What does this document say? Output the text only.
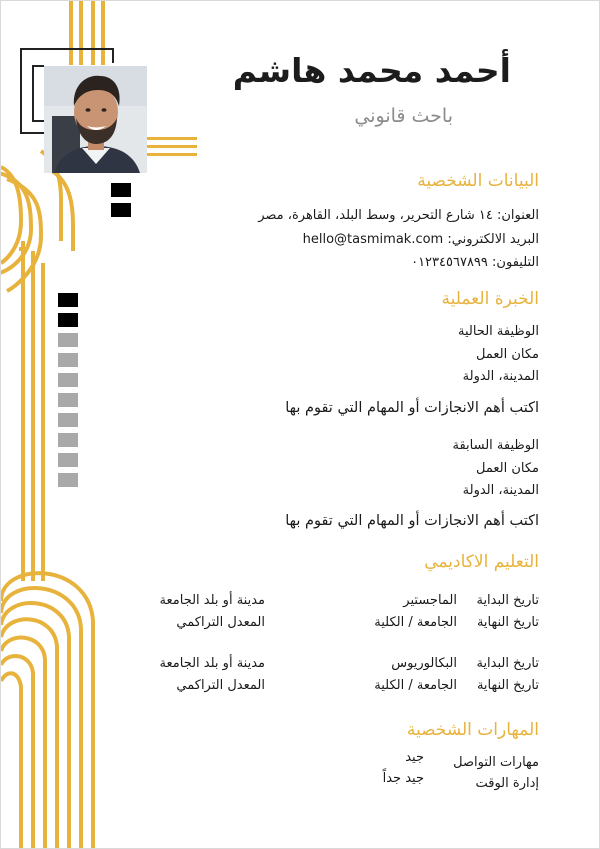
أحمد محمد هاشم
باحث قانوني
البيانات الشخصية
العنوان: ١٤ شارع التحرير، وسط البلد، القاهرة، مصر
البريد الالكتروني: hello@tasmimak.com
التليفون: ٠١٢٣٤٥٦٧٨٩٩
الخبرة العملية
الوظيفة الحالية
مكان العمل
المدينة، الدولة
اكتب أهم الانجازات أو المهام التي تقوم بها
الوظيفة السابقة
مكان العمل
المدينة، الدولة
اكتب أهم الانجازات أو المهام التي تقوم بها
التعليم الاكاديمي
تاريخ البداية
الماجستير
مدينة أو بلد الجامعة
تاريخ النهاية
الجامعة / الكلية
المعدل التراكمي
تاريخ البداية
البكالوريوس
مدينة أو بلد الجامعة
تاريخ النهاية
الجامعة / الكلية
المعدل التراكمي
المهارات الشخصية
مهارات التواصل
جيد
إدارة الوقت
جيد جداً
